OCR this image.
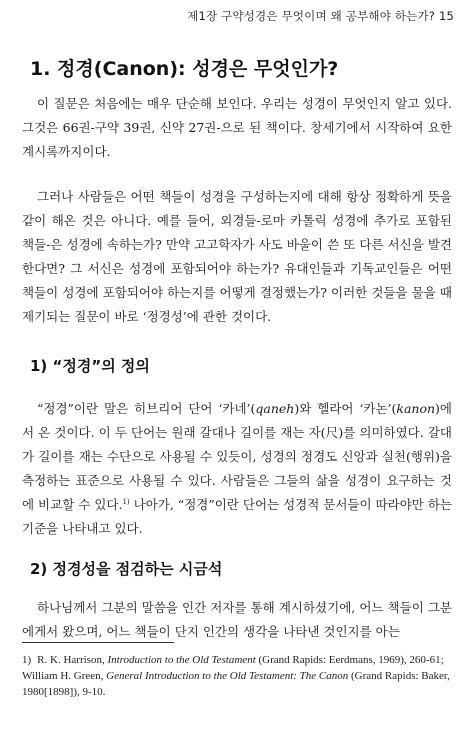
제1장 구약성경은 무엇이며 왜 공부해야 하는가? 15
1. 정경(Canon): 성경은 무엇인가?

이 질문은 처음에는 매우 단순해 보인다. 우리는 성경이 무엇인지 알고 있다. 그것은 66권-구약 39권, 신약 27권-으로 된 책이다. 창세기에서 시작하여 요한계시록까지이다.

그러나 사람들은 어떤 책들이 성경을 구성하는지에 대해 항상 정확하게 뜻을 같이 해온 것은 아니다. 예를 들어, 외경들-로마 카톨릭 성경에 추가로 포함된 책들-은 성경에 속하는가? 만약 고고학자가 사도 바울이 쓴 또 다른 서신을 발견한다면? 그 서신은 성경에 포함되어야 하는가? 유대인들과 기독교인들은 어떤 책들이 성경에 포함되어야 하는지를 어떻게 결정했는가? 이러한 것들을 물을 때 제기되는 질문이 바로 ‘정경성’에 관한 것이다.

1) “정경”의 정의

“정경”이란 말은 히브리어 단어 ‘카네’(qaneh)와 헬라어 ‘카논’(kanon)에서 온 것이다. 이 두 단어는 원래 갈대나 길이를 재는 자(尺)를 의미하였다. 갈대가 길이를 재는 수단으로 사용될 수 있듯이, 성경의 정경도 신앙과 실천(행위)을 측정하는 표준으로 사용될 수 있다. 사람들은 그들의 삶을 성경이 요구하는 것에 비교할 수 있다.$^{1)}$ 나아가, “정경”이란 단어는 성경적 문서들이 따라야만 하는 기준을 나타내고 있다.

2) 정경성을 점검하는 시금석

하나님께서 그분의 말씀을 인간 저자를 통해 계시하셨기에, 어느 책들이 그분에게서 왔으며, 어느 책들이 단지 인간의 생각을 나타낸 것인지를 아는

1) R. K. Harrison, Introduction to the Old Testament (Grand Rapids: Eerdmans, 1969), 260-61; William H. Green, General Introduction to the Old Testament: The Canon (Grand Rapids: Baker, 1980[1898]), 9-10.
